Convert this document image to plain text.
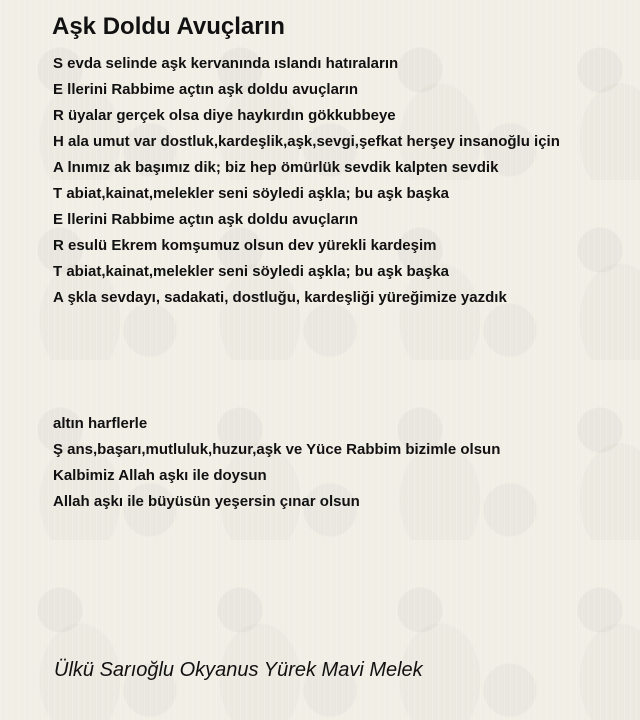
Aşk Doldu Avuçların
S evda selinde aşk kervanında ıslandı hatıraların
E llerini Rabbime açtın aşk doldu avuçların
R üyalar gerçek olsa diye haykırdın gökkubbeye
H ala umut var dostluk,kardeşlik,aşk,sevgi,şefkat herşey insanoğlu için
A lnımız ak başımız dik; biz hep ömürlük sevdik kalpten sevdik
T abiat,kainat,melekler seni söyledi aşkla; bu aşk başka
E llerini Rabbime açtın aşk doldu avuçların
R esulü Ekrem komşumuz olsun dev yürekli kardeşim
T abiat,kainat,melekler seni söyledi aşkla; bu aşk başka
A şkla sevdayı, sadakati, dostluğu, kardeşliği yüreğimize yazdık
altın harflerle
Ş ans,başarı,mutluluk,huzur,aşk ve Yüce Rabbim bizimle olsun
Kalbimiz Allah aşkı ile doysun
Allah aşkı ile büyüsün yeşersin çınar olsun

Ülkü Sarıoğlu Okyanus Yürek Mavi Melek
